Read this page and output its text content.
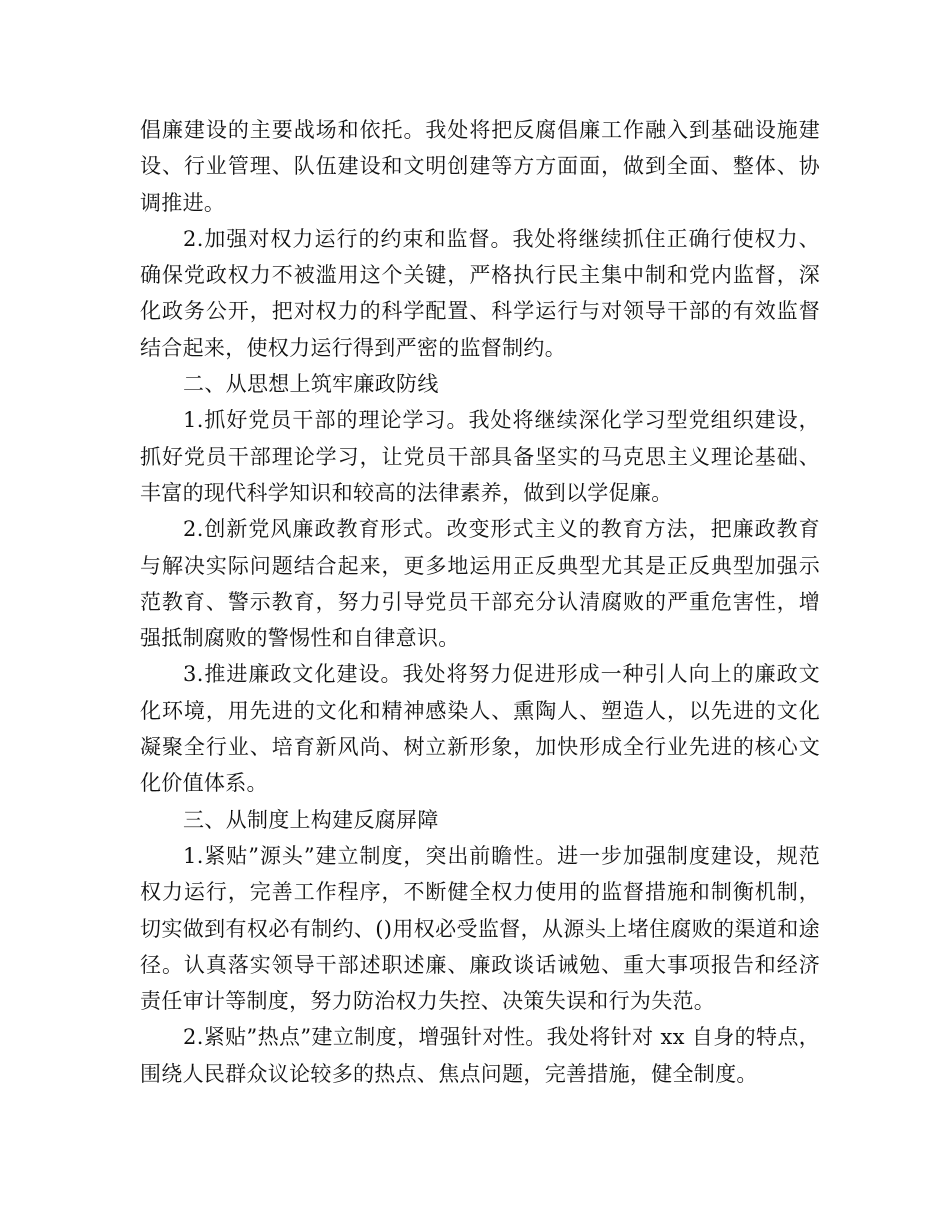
倡廉建设的主要战场和依托。我处将把反腐倡廉工作融入到基础设施建设、行业管理、队伍建设和文明创建等方方面面，做到全面、整体、协调推进。

2.加强对权力运行的约束和监督。我处将继续抓住正确行使权力、确保党政权力不被滥用这个关键，严格执行民主集中制和党内监督，深化政务公开，把对权力的科学配置、科学运行与对领导干部的有效监督结合起来，使权力运行得到严密的监督制约。

二、从思想上筑牢廉政防线

1.抓好党员干部的理论学习。我处将继续深化学习型党组织建设，抓好党员干部理论学习，让党员干部具备坚实的马克思主义理论基础、丰富的现代科学知识和较高的法律素养，做到以学促廉。

2.创新党风廉政教育形式。改变形式主义的教育方法，把廉政教育与解决实际问题结合起来，更多地运用正反典型尤其是正反典型加强示范教育、警示教育，努力引导党员干部充分认清腐败的严重危害性，增强抵制腐败的警惕性和自律意识。

3.推进廉政文化建设。我处将努力促进形成一种引人向上的廉政文化环境，用先进的文化和精神感染人、熏陶人、塑造人，以先进的文化凝聚全行业、培育新风尚、树立新形象，加快形成全行业先进的核心文化价值体系。

三、从制度上构建反腐屏障

1.紧贴”源头”建立制度，突出前瞻性。进一步加强制度建设，规范权力运行，完善工作程序，不断健全权力使用的监督措施和制衡机制，切实做到有权必有制约、()用权必受监督，从源头上堵住腐败的渠道和途径。认真落实领导干部述职述廉、廉政谈话诫勉、重大事项报告和经济责任审计等制度，努力防治权力失控、决策失误和行为失范。

2.紧贴”热点”建立制度，增强针对性。我处将针对 xx 自身的特点，围绕人民群众议论较多的热点、焦点问题，完善措施，健全制度。
